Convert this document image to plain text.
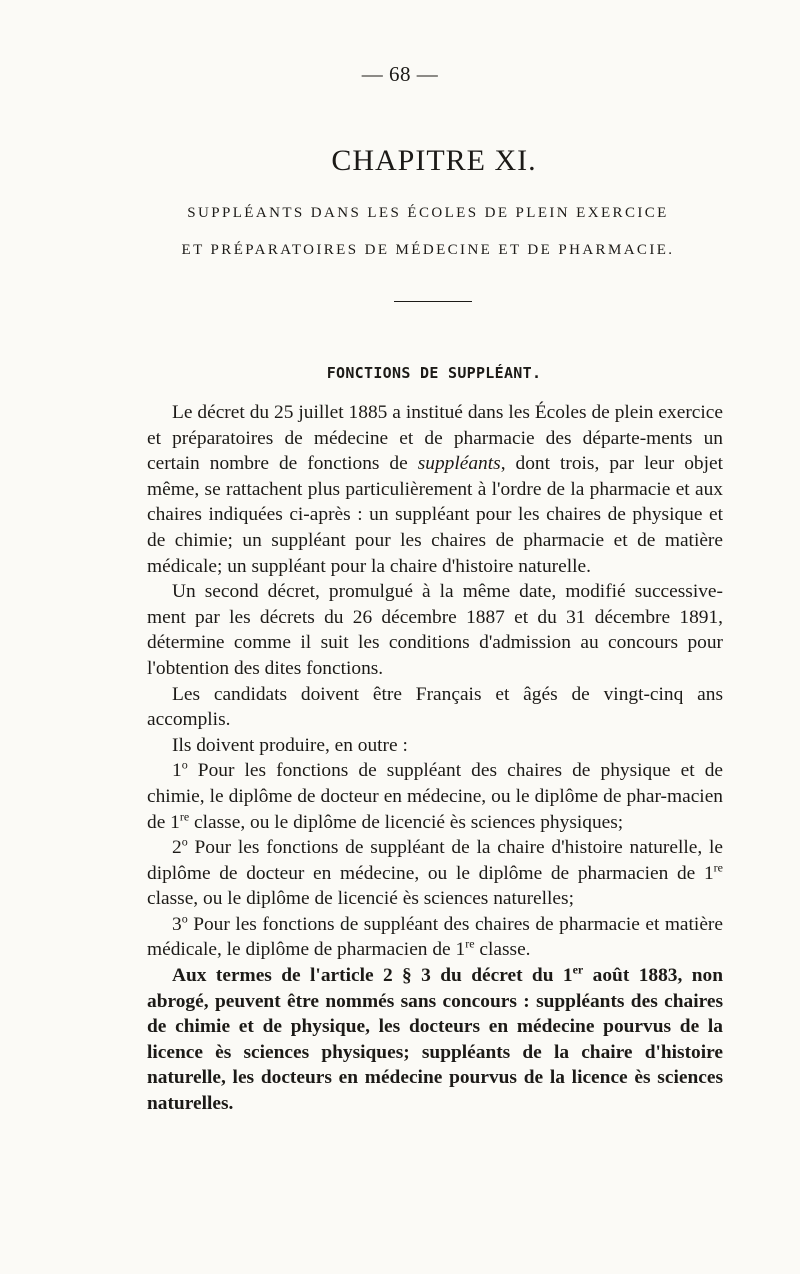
— 68 —
CHAPITRE XI.
SUPPLÉANTS DANS LES ÉCOLES DE PLEIN EXERCICE
ET PRÉPARATOIRES DE MÉDECINE ET DE PHARMACIE.
FONCTIONS DE SUPPLÉANT.

Le décret du 25 juillet 1885 a institué dans les Écoles de plein exercice et préparatoires de médecine et de pharmacie des départe-ments un certain nombre de fonctions de suppléants, dont trois, par leur objet même, se rattachent plus particulièrement à l'ordre de la pharmacie et aux chaires indiquées ci-après : un suppléant pour les chaires de physique et de chimie; un suppléant pour les chaires de pharmacie et de matière médicale; un suppléant pour la chaire d'histoire naturelle.

Un second décret, promulgué à la même date, modifié successive-ment par les décrets du 26 décembre 1887 et du 31 décembre 1891, détermine comme il suit les conditions d'admission au concours pour l'obtention des dites fonctions.

Les candidats doivent être Français et âgés de vingt-cinq ans accomplis.

Ils doivent produire, en outre :

1$^o$ Pour les fonctions de suppléant des chaires de physique et de chimie, le diplôme de docteur en médecine, ou le diplôme de phar-macien de 1re classe, ou le diplôme de licencié ès sciences physiques;

2$^o$ Pour les fonctions de suppléant de la chaire d'histoire naturelle, le diplôme de docteur en médecine, ou le diplôme de pharmacien de 1re classe, ou le diplôme de licencié ès sciences naturelles;

3$^o$ Pour les fonctions de suppléant des chaires de pharmacie et matière médicale, le diplôme de pharmacien de 1re classe.

Aux termes de l'article 2 § 3 du décret du 1er août 1883, non abrogé, peuvent être nommés sans concours : suppléants des chaires de chimie et de physique, les docteurs en médecine pourvus de la licence ès sciences physiques; suppléants de la chaire d'histoire naturelle, les docteurs en médecine pourvus de la licence ès sciences naturelles.
